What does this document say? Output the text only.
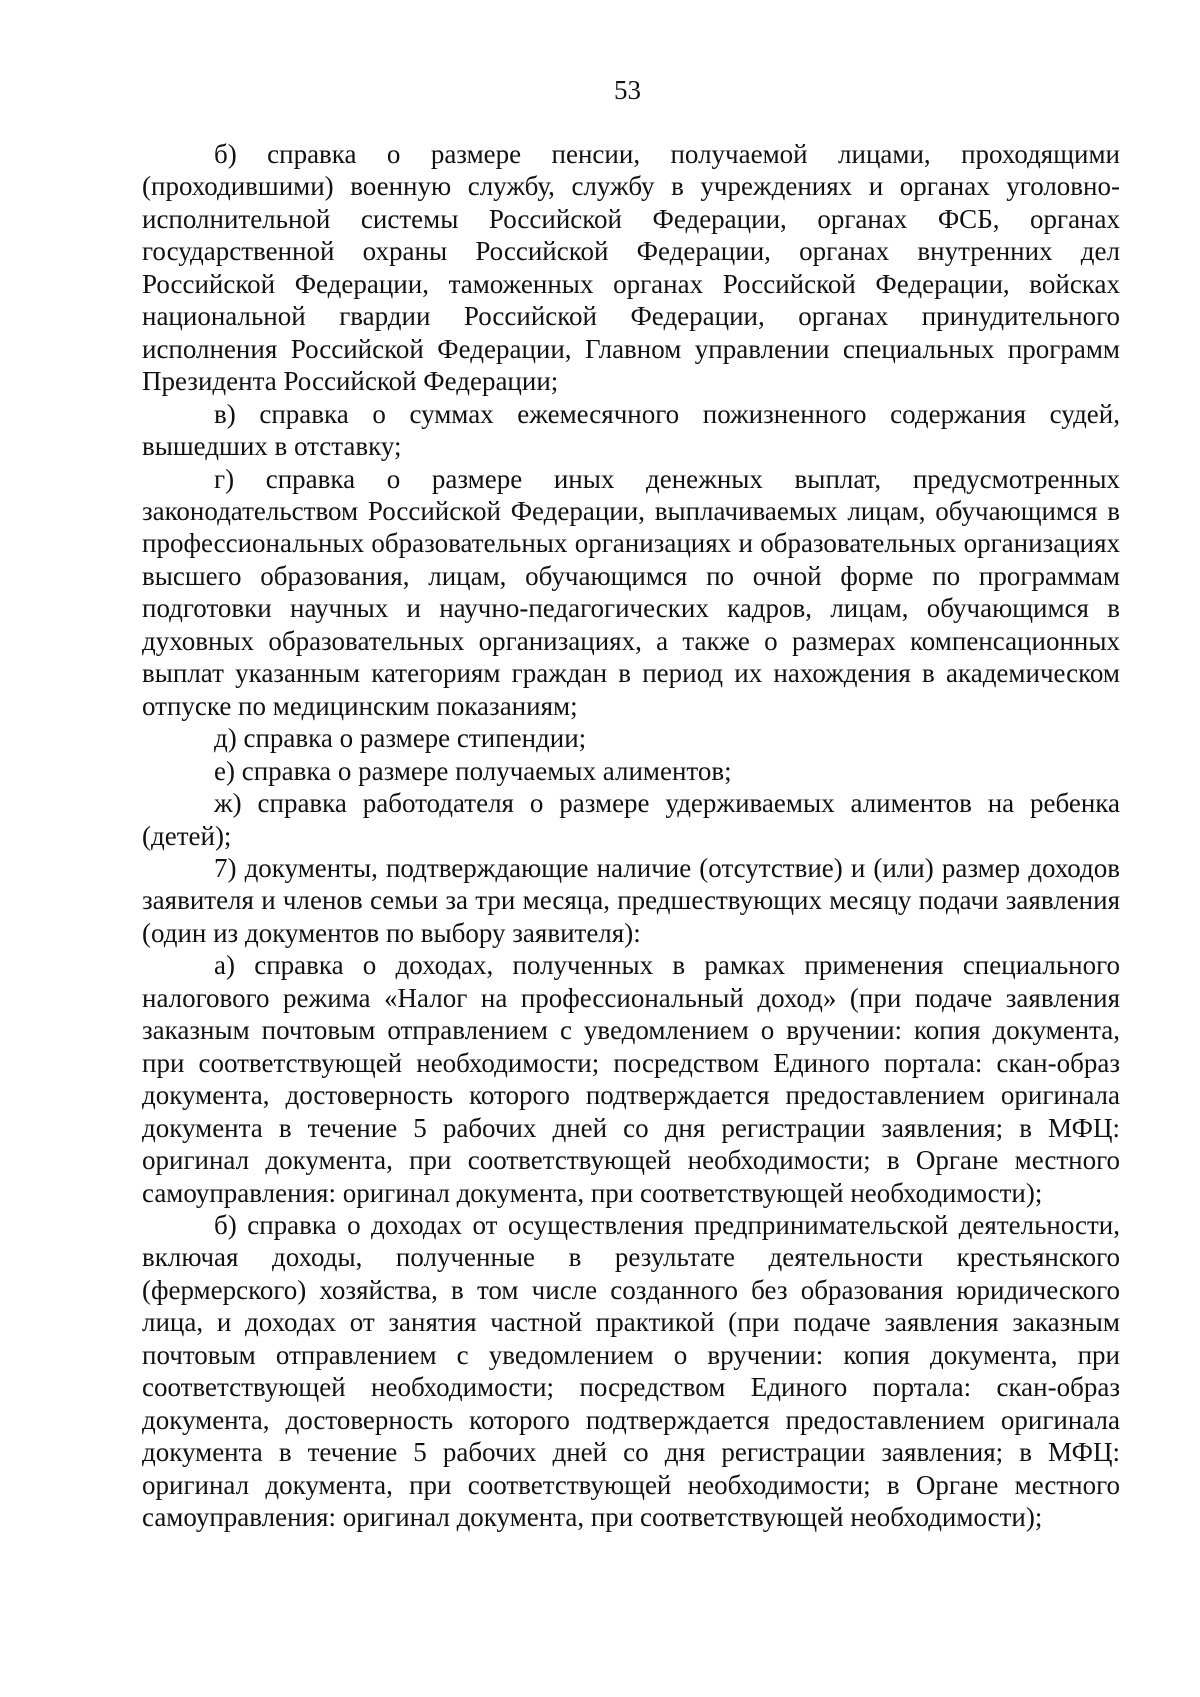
53

б) справка о размере пенсии, получаемой лицами, проходящими (проходившими) военную службу, службу в учреждениях и органах уголовно-исполнительной системы Российской Федерации, органах ФСБ, органах государственной охраны Российской Федерации, органах внутренних дел Российской Федерации, таможенных органах Российской Федерации, войсках национальной гвардии Российской Федерации, органах принудительного исполнения Российской Федерации, Главном управлении специальных программ Президента Российской Федерации;

в) справка о суммах ежемесячного пожизненного содержания судей, вышедших в отставку;

г) справка о размере иных денежных выплат, предусмотренных законодательством Российской Федерации, выплачиваемых лицам, обучающимся в профессиональных образовательных организациях и образовательных организациях высшего образования, лицам, обучающимся по очной форме по программам подготовки научных и научно-педагогических кадров, лицам, обучающимся в духовных образовательных организациях, а также о размерах компенсационных выплат указанным категориям граждан в период их нахождения в академическом отпуске по медицинским показаниям;

д) справка о размере стипендии;

е) справка о размере получаемых алиментов;

ж) справка работодателя о размере удерживаемых алиментов на ребенка (детей);

7) документы, подтверждающие наличие (отсутствие) и (или) размер доходов заявителя и членов семьи за три месяца, предшествующих месяцу подачи заявления (один из документов по выбору заявителя):

а) справка о доходах, полученных в рамках применения специального налогового режима «Налог на профессиональный доход» (при подаче заявления заказным почтовым отправлением с уведомлением о вручении: копия документа, при соответствующей необходимости; посредством Единого портала: скан-образ документа, достоверность которого подтверждается предоставлением оригинала документа в течение 5 рабочих дней со дня регистрации заявления; в МФЦ: оригинал документа, при соответствующей необходимости; в Органе местного самоуправления: оригинал документа, при соответствующей необходимости);

б) справка о доходах от осуществления предпринимательской деятельности, включая доходы, полученные в результате деятельности крестьянского (фермерского) хозяйства, в том числе созданного без образования юридического лица, и доходах от занятия частной практикой (при подаче заявления заказным почтовым отправлением с уведомлением о вручении: копия документа, при соответствующей необходимости; посредством Единого портала: скан-образ документа, достоверность которого подтверждается предоставлением оригинала документа в течение 5 рабочих дней со дня регистрации заявления; в МФЦ: оригинал документа, при соответствующей необходимости; в Органе местного самоуправления: оригинал документа, при соответствующей необходимости);
